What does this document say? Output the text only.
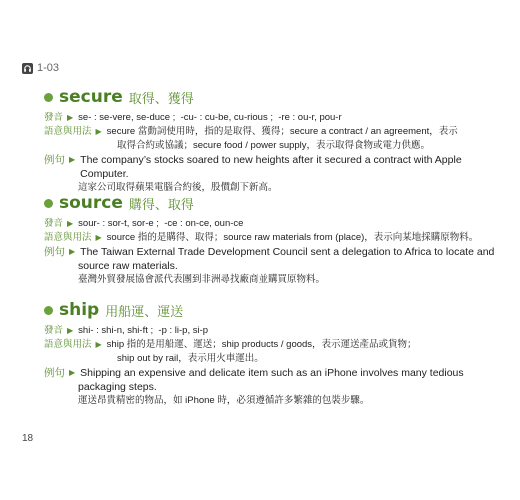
1-03
secure 取得、獲得
發音 ▶ se- : se-vere, se-duce ; -cu- : cu-be, cu-rious ; -re : ou-r, pou-r
語意與用法 ▶ secure 當動詞使用時，指的是取得、獲得；secure a contract / an agreement，表示
取得合約或協議；secure food / power supply，表示取得食物或電力供應。
例句 ▶ The company’s stocks soared to new heights after it secured a contract with Apple Computer.
這家公司取得蘋果電腦合約後，股價創下新高。
source 購得、取得
發音 ▶ sour- : sor-t, sor-e ; -ce : on-ce, oun-ce
語意與用法 ▶ source 指的是購得、取得；source raw materials from (place)，表示向某地採購原物料。
例句 ▶ The Taiwan External Trade Development Council sent a delegation to Africa to locate and
source raw materials.
臺灣外貿發展協會派代表團到非洲尋找廠商並購買原物料。
ship 用船運、運送
發音 ▶ shi- : shi-n, shi-ft ; -p : li-p, si-p
語意與用法 ▶ ship 指的是用船運、運送；ship products / goods，表示運送產品或貨物；
ship out by rail，表示用火車運出。
例句 ▶ Shipping an expensive and delicate item such as an iPhone involves many tedious
packaging steps.
運送昂貴精密的物品，如 iPhone 時，必須遵循許多繁雜的包裝步驟。
18
